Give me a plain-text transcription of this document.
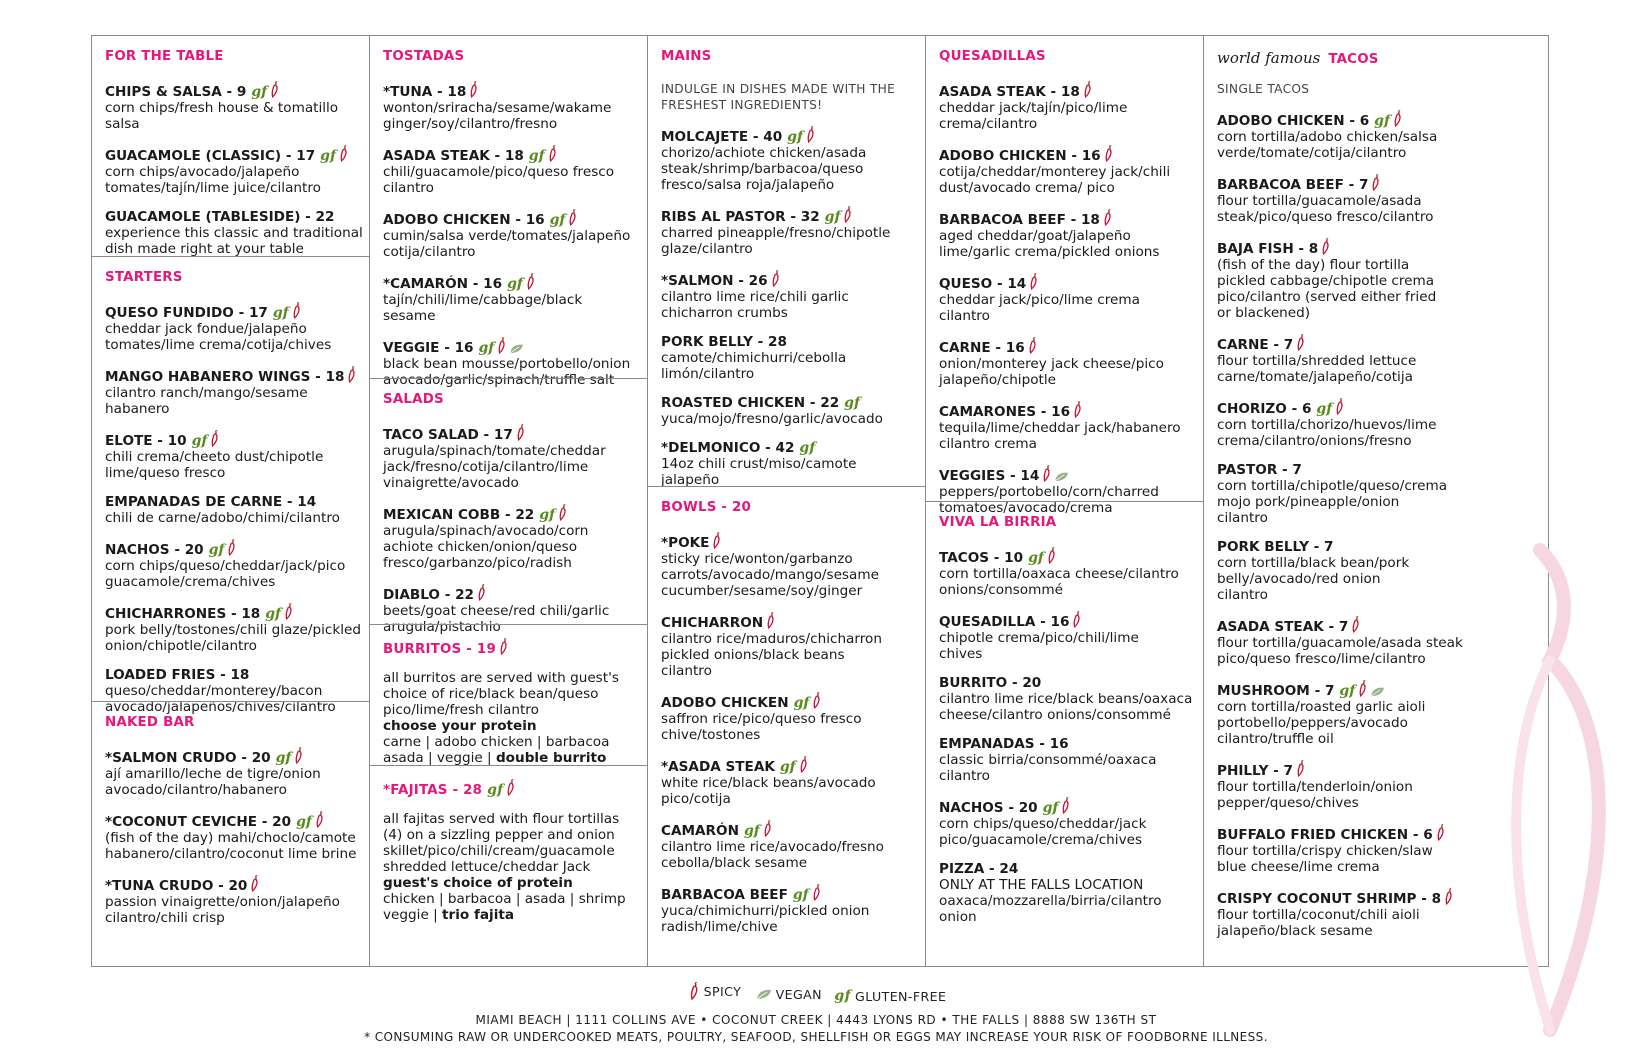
FOR THE TABLE
CHIPS & SALSA - 9 gf
corn chips/fresh house & tomatillo
salsa
GUACAMOLE (CLASSIC) - 17 gf
corn chips/avocado/jalapeño
tomates/tajín/lime juice/cilantro
GUACAMOLE (TABLESIDE) - 22
experience this classic and traditional
dish made right at your table
STARTERS
QUESO FUNDIDO - 17 gf
cheddar jack fondue/jalapeño
tomates/lime crema/cotija/chives
MANGO HABANERO WINGS - 18
cilantro ranch/mango/sesame
habanero
ELOTE - 10 gf
chili crema/cheeto dust/chipotle
lime/queso fresco
EMPANADAS DE CARNE - 14
chili de carne/adobo/chimi/cilantro
NACHOS - 20 gf
corn chips/queso/cheddar/jack/pico
guacamole/crema/chives
CHICHARRONES - 18 gf
pork belly/tostones/chili glaze/pickled
onion/chipotle/cilantro
LOADED FRIES - 18
queso/cheddar/monterey/bacon
avocado/jalapeños/chives/cilantro
NAKED BAR
*SALMON CRUDO - 20 gf
ají amarillo/leche de tigre/onion
avocado/cilantro/habanero
*COCONUT CEVICHE - 20 gf
(fish of the day) mahi/choclo/camote
habanero/cilantro/coconut lime brine
*TUNA CRUDO - 20
passion vinaigrette/onion/jalapeño
cilantro/chili crisp
TOSTADAS
*TUNA - 18
wonton/sriracha/sesame/wakame
ginger/soy/cilantro/fresno
ASADA STEAK - 18 gf
chili/guacamole/pico/queso fresco
cilantro
ADOBO CHICKEN - 16 gf
cumin/salsa verde/tomates/jalapeño
cotija/cilantro
*CAMARÓN - 16 gf
tajín/chili/lime/cabbage/black
sesame
VEGGIE - 16 gf
black bean mousse/portobello/onion
avocado/garlic/spinach/truffle salt
SALADS
TACO SALAD - 17
arugula/spinach/tomate/cheddar
jack/fresno/cotija/cilantro/lime
vinaigrette/avocado
MEXICAN COBB - 22 gf
arugula/spinach/avocado/corn
achiote chicken/onion/queso
fresco/garbanzo/pico/radish
DIABLO - 22
beets/goat cheese/red chili/garlic
arugula/pistachio
BURRITOS - 19
all burritos are served with guest's
choice of rice/black bean/queso
pico/lime/fresh cilantro
choose your protein
carne | adobo chicken | barbacoa
asada | veggie | double burrito
*FAJITAS - 28 gf
all fajitas served with flour tortillas
(4) on a sizzling pepper and onion
skillet/pico/chili/cream/guacamole
shredded lettuce/cheddar Jack
guest's choice of protein
chicken | barbacoa | asada | shrimp
veggie | trio fajita
MAINS
INDULGE IN DISHES MADE WITH THE
FRESHEST INGREDIENTS!
MOLCAJETE - 40 gf
chorizo/achiote chicken/asada
steak/shrimp/barbacoa/queso
fresco/salsa roja/jalapeño
RIBS AL PASTOR - 32 gf
charred pineapple/fresno/chipotle
glaze/cilantro
*SALMON - 26
cilantro lime rice/chili garlic
chicharron crumbs
PORK BELLY - 28
camote/chimichurri/cebolla
limón/cilantro
ROASTED CHICKEN - 22 gf
yuca/mojo/fresno/garlic/avocado
*DELMONICO - 42 gf
14oz chili crust/miso/camote
jalapeño
BOWLS - 20
*POKE
sticky rice/wonton/garbanzo
carrots/avocado/mango/sesame
cucumber/sesame/soy/ginger
CHICHARRON
cilantro rice/maduros/chicharron
pickled onions/black beans
cilantro
ADOBO CHICKEN gf
saffron rice/pico/queso fresco
chive/tostones
*ASADA STEAK gf
white rice/black beans/avocado
pico/cotija
CAMARÓN gf
cilantro lime rice/avocado/fresno
cebolla/black sesame
BARBACOA BEEF gf
yuca/chimichurri/pickled onion
radish/lime/chive
QUESADILLAS
ASADA STEAK - 18
cheddar jack/tajín/pico/lime
crema/cilantro
ADOBO CHICKEN - 16
cotija/cheddar/monterey jack/chili
dust/avocado crema/ pico
BARBACOA BEEF - 18
aged cheddar/goat/jalapeño
lime/garlic crema/pickled onions
QUESO - 14
cheddar jack/pico/lime crema
cilantro
CARNE - 16
onion/monterey jack cheese/pico
jalapeño/chipotle
CAMARONES - 16
tequila/lime/cheddar jack/habanero
cilantro crema
VEGGIES - 14
peppers/portobello/corn/charred
tomatoes/avocado/crema
VIVA LA BIRRIA
TACOS - 10 gf
corn tortilla/oaxaca cheese/cilantro
onions/consommé
QUESADILLA - 16
chipotle crema/pico/chili/lime
chives
BURRITO - 20
cilantro lime rice/black beans/oaxaca
cheese/cilantro onions/consommé
EMPANADAS - 16
classic birria/consommé/oaxaca
cilantro
NACHOS - 20 gf
corn chips/queso/cheddar/jack
pico/guacamole/crema/chives
PIZZA - 24
ONLY AT THE FALLS LOCATION
oaxaca/mozzarella/birria/cilantro
onion
world famous TACOS
SINGLE TACOS
ADOBO CHICKEN - 6 gf
corn tortilla/adobo chicken/salsa
verde/tomate/cotija/cilantro
BARBACOA BEEF - 7
flour tortilla/guacamole/asada
steak/pico/queso fresco/cilantro
BAJA FISH - 8
(fish of the day) flour tortilla
pickled cabbage/chipotle crema
pico/cilantro (served either fried
or blackened)
CARNE - 7
flour tortilla/shredded lettuce
carne/tomate/jalapeño/cotija
CHORIZO - 6 gf
corn tortilla/chorizo/huevos/lime
crema/cilantro/onions/fresno
PASTOR - 7
corn tortilla/chipotle/queso/crema
mojo pork/pineapple/onion
cilantro
PORK BELLY - 7
corn tortilla/black bean/pork
belly/avocado/red onion
cilantro
ASADA STEAK - 7
flour tortilla/guacamole/asada steak
pico/queso fresco/lime/cilantro
MUSHROOM - 7 gf
corn tortilla/roasted garlic aioli
portobello/peppers/avocado
cilantro/truffle oil
PHILLY - 7
flour tortilla/tenderloin/onion
pepper/queso/chives
BUFFALO FRIED CHICKEN - 6
flour tortilla/crispy chicken/slaw
blue cheese/lime crema
CRISPY COCONUT SHRIMP - 8
flour tortilla/coconut/chili aioli
jalapeño/black sesame
SPICY
	VEGAN
gf GLUTEN-FREE
MIAMI BEACH | 1111 COLLINS AVE • COCONUT CREEK | 4443 LYONS RD • THE FALLS | 8888 SW 136TH ST
* CONSUMING RAW OR UNDERCOOKED MEATS, POULTRY, SEAFOOD, SHELLFISH OR EGGS MAY INCREASE YOUR RISK OF FOODBORNE ILLNESS.
